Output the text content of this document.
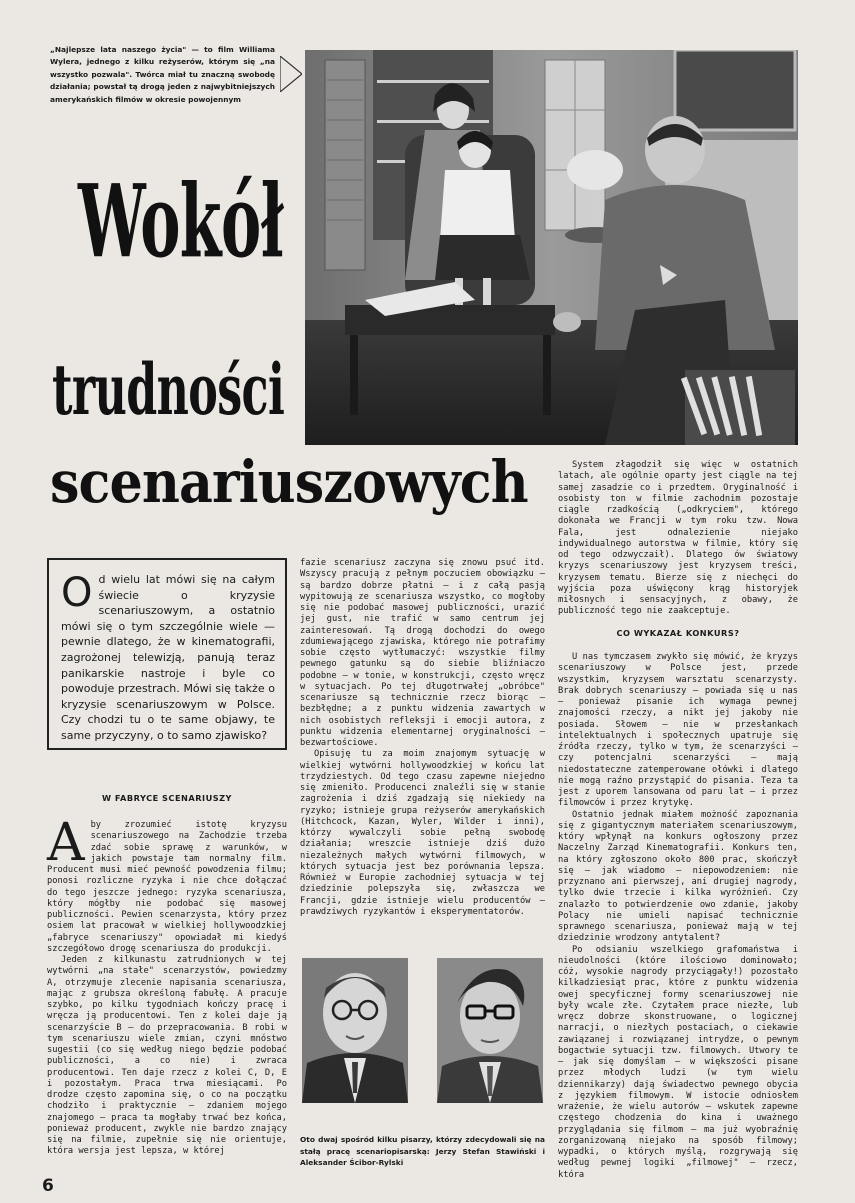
„Najlepsze lata naszego życia" — to film Williama Wylera, jednego z kilku reżyserów, którym się „na wszystko pozwala". Twórca miał tu znaczną swobodę działania; powstał tą drogą jeden z najwybitniejszych amerykańskich filmów w okresie powojennym
Wokół
trudności
scenariuszowych
Od wielu lat mówi się na całym świecie o kryzysie scenariuszowym, a ostatnio mówi się o tym szczególnie wiele — pewnie dlatego, że w kinematografii, zagrożonej telewizją, panują teraz panikarskie nastroje i byle co powoduje przestrach. Mówi się także o kryzysie scenariuszowym w Polsce. Czy chodzi tu o te same objawy, te same przyczyny, o to samo zjawisko?
W FABRYCE SCENARIUSZY

Aby zrozumieć istotę kryzysu scenariuszowego na Zachodzie trzeba zdać sobie sprawę z warunków, w jakich powstaje tam normalny film. Producent musi mieć pewność powodzenia filmu; ponosi rozliczne ryzyka i nie chce dołączać do tego jeszcze jednego: ryzyka scenariusza, który mógłby nie podobać się masowej publiczności. Pewien scenarzysta, który przez osiem lat pracował w wielkiej hollywoodzkiej „fabryce scenariuszy" opowiadał mi kiedyś szczegółowo drogę scenariusza do produkcji.

Jeden z kilkunastu zatrudnionych w tej wytwórni „na stałe" scenarzystów, powiedzmy A, otrzymuje zlecenie napisania scenariusza, mając z grubsza określoną fabułę. A pracuje szybko, po kilku tygodniach kończy pracę i wręcza ją producentowi. Ten z kolei daje ją scenarzyście B — do przepracowania. B robi w tym scenariuszu wiele zmian, czyni mnóstwo sugestii (co się według niego będzie podobać publiczności, a co nie) i zwraca producentowi. Ten daje rzecz z kolei C, D, E i pozostałym. Praca trwa miesiącami. Po drodze często zapomina się, o co na początku chodziło i praktycznie — zdaniem mojego znajomego — praca ta mogłaby trwać bez końca, ponieważ producent, zwykle nie bardzo znający się na filmie, zupełnie się nie orientuje, która wersja jest lepsza, w której

fazie scenariusz zaczyna się znowu psuć itd. Wszyscy pracują z pełnym poczuciem obowiązku — są bardzo dobrze płatni — i z całą pasją wypitowują ze scenariusza wszystko, co mogłoby się nie podobać masowej publiczności, urazić jej gust, nie trafić w samo centrum jej zainteresowań. Tą drogą dochodzi do owego zdumiewającego zjawiska, którego nie potrafimy sobie często wytłumaczyć: wszystkie filmy pewnego gatunku są do siebie bliźniaczo podobne — w tonie, w konstrukcji, często wręcz w sytuacjach. Po tej długotrwałej „obróbce" scenariusze są technicznie rzecz biorąc — bezbłędne; a z punktu widzenia zawartych w nich osobistych refleksji i emocji autora, z punktu widzenia elementarnej oryginalności — bezwartościowe.

Opisuję tu za moim znajomym sytuację w wielkiej wytwórni hollywoodzkiej w końcu lat trzydziestych. Od tego czasu zapewne niejedno się zmieniło. Producenci znaleźli się w stanie zagrożenia i dziś zgadzają się niekiedy na ryzyko; istnieje grupa reżyserów amerykańskich (Hitchcock, Kazan, Wyler, Wilder i inni), którzy wywalczyli sobie pełną swobodę działania; wreszcie istnieje dziś dużo niezależnych małych wytwórni filmowych, w których sytuacja jest bez porównania lepsza. Również w Europie zachodniej sytuacja w tej dziedzinie polepszyła się, zwłaszcza we Francji, gdzie istnieje wielu producentów — prawdziwych ryzykantów i eksperymentatorów.

Oto dwaj spośród kilku pisarzy, którzy zdecydowali się na stałą pracę scenariopisarską: Jerzy Stefan Stawiński i Aleksander Ścibor-Rylski

System złagodził się więc w ostatnich latach, ale ogólnie oparty jest ciągle na tej samej zasadzie co i przedtem. Oryginalność i osobisty ton w filmie zachodnim pozostaje ciągle rzadkością („odkryciem", którego dokonała we Francji w tym roku tzw. Nowa Fala, jest odnalezienie niejako indywidualnego autorstwa w filmie, który się od tego odzwyczaił). Dlatego ów światowy kryzys scenariuszowy jest kryzysem treści, kryzysem tematu. Bierze się z niechęci do wyjścia poza uświęcony krąg historyjek miłosnych i sensacyjnych, z obawy, że publiczność tego nie zaakceptuje.

CO WYKAZAŁ KONKURS?

U nas tymczasem zwykło się mówić, że kryzys scenariuszowy w Polsce jest, przede wszystkim, kryzysem warsztatu scenarzysty. Brak dobrych scenariuszy — powiada się u nas — ponieważ pisanie ich wymaga pewnej znajomości rzeczy, a nikt jej jakoby nie posiada. Słowem — nie w przesłankach intelektualnych i społecznych upatruje się źródła rzeczy, tylko w tym, że scenarzyści — czy potencjalni scenarzyści — mają niedostateczne zatemperowane ołówki i dlatego nie mogą raźno przystąpić do pisania. Teza ta jest z uporem lansowana od paru lat — i przez filmowców i przez krytykę.

Ostatnio jednak miałem możność zapoznania się z gigantycznym materiałem scenariuszowym, który wpłynął na konkurs ogłoszony przez Naczelny Zarząd Kinematografii. Konkurs ten, na który zgłoszono około 800 prac, skończył się — jak wiadomo — niepowodzeniem: nie przyznano ani pierwszej, ani drugiej nagrody, tylko dwie trzecie i kilka wyróżnień. Czy znalazło to potwierdzenie owo zdanie, jakoby Polacy nie umieli napisać technicznie sprawnego scenariusza, ponieważ mają w tej dziedzinie wrodzony antytalent?

Po odsianiu wszelkiego grafomaństwa i nieudolności (które ilościowo dominowało; cóż, wysokie nagrody przyciągały!) pozostało kilkadziesiąt prac, które z punktu widzenia owej specyficznej formy scenariuszowej nie były wcale złe. Czytałem prace niezłe, lub wręcz dobrze skonstruowane, o logicznej narracji, o niezłych postaciach, o ciekawie zawiązanej i rozwiązanej intrydze, o pewnym bogactwie sytuacji tzw. filmowych. Utwory te — jak się domyślam — w większości pisane przez młodych ludzi (w tym wielu dziennikarzy) dają świadectwo pewnego obycia z językiem filmowym. W istocie odniosłem wrażenie, że wielu autorów — wskutek zapewne częstego chodzenia do kina i uważnego przyglądania się filmom — ma już wyobraźnię zorganizowaną niejako na sposób filmowy; wypadki, o których myślą, rozgrywają się według pewnej logiki „filmowej" — rzecz, która

6
